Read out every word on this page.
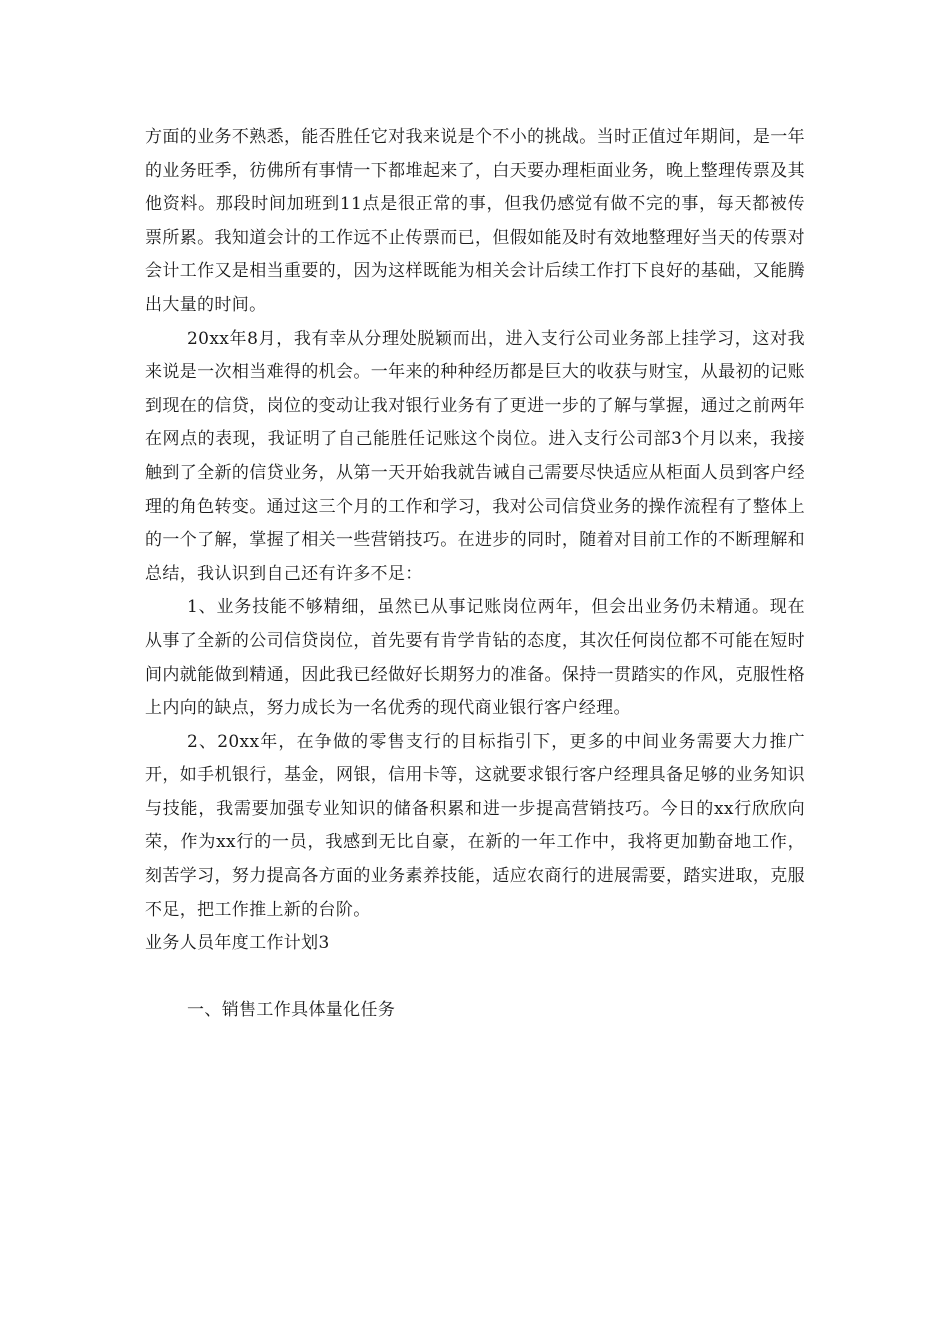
方面的业务不熟悉，能否胜任它对我来说是个不小的挑战。当时正值过年期间，是一年的业务旺季，彷佛所有事情一下都堆起来了，白天要办理柜面业务，晚上整理传票及其他资料。那段时间加班到11点是很正常的事，但我仍感觉有做不完的事，每天都被传票所累。我知道会计的工作远不止传票而已，但假如能及时有效地整理好当天的传票对会计工作又是相当重要的，因为这样既能为相关会计后续工作打下良好的基础，又能腾出大量的时间。

20xx年8月，我有幸从分理处脱颖而出，进入支行公司业务部上挂学习，这对我来说是一次相当难得的机会。一年来的种种经历都是巨大的收获与财宝，从最初的记账到现在的信贷，岗位的变动让我对银行业务有了更进一步的了解与掌握，通过之前两年在网点的表现，我证明了自己能胜任记账这个岗位。进入支行公司部3个月以来，我接触到了全新的信贷业务，从第一天开始我就告诫自己需要尽快适应从柜面人员到客户经理的角色转变。通过这三个月的工作和学习，我对公司信贷业务的操作流程有了整体上的一个了解，掌握了相关一些营销技巧。在进步的同时，随着对目前工作的不断理解和总结，我认识到自己还有许多不足：

1、业务技能不够精细，虽然已从事记账岗位两年，但会出业务仍未精通。现在从事了全新的公司信贷岗位，首先要有肯学肯钻的态度，其次任何岗位都不可能在短时间内就能做到精通，因此我已经做好长期努力的准备。保持一贯踏实的作风，克服性格上内向的缺点，努力成长为一名优秀的现代商业银行客户经理。

2、20xx年，在争做的零售支行的目标指引下，更多的中间业务需要大力推广开，如手机银行，基金，网银，信用卡等，这就要求银行客户经理具备足够的业务知识与技能，我需要加强专业知识的储备积累和进一步提高营销技巧。今日的xx行欣欣向荣，作为xx行的一员，我感到无比自豪，在新的一年工作中，我将更加勤奋地工作，刻苦学习，努力提高各方面的业务素养技能，适应农商行的进展需要，踏实进取，克服不足，把工作推上新的台阶。

业务人员年度工作计划3

一、销售工作具体量化任务
